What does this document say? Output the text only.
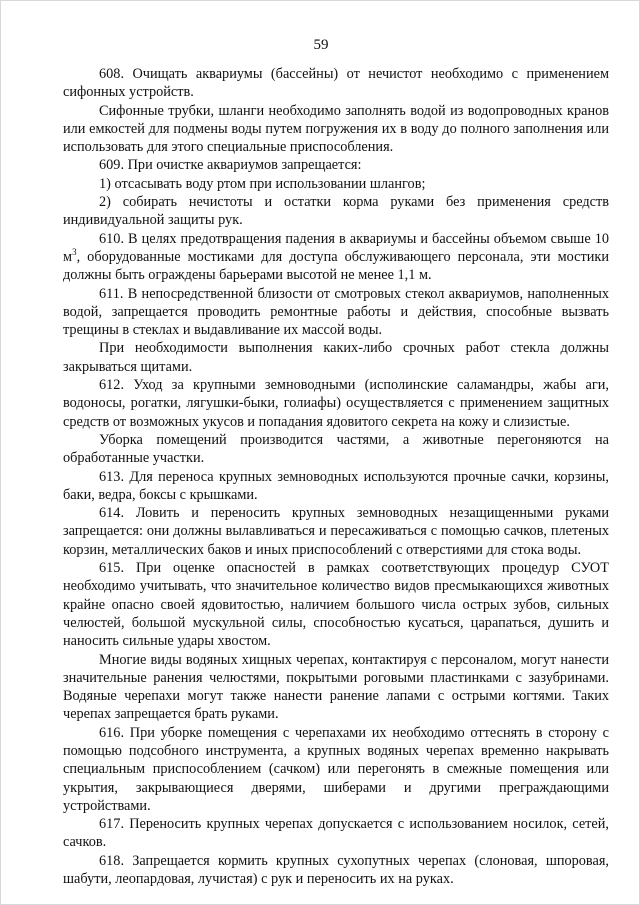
59

608. Очищать аквариумы (бассейны) от нечистот необходимо с применением сифонных устройств.

Сифонные трубки, шланги необходимо заполнять водой из водопроводных кранов или емкостей для подмены воды путем погружения их в воду до полного заполнения или использовать для этого специальные приспособления.

609. При очистке аквариумов запрещается:

1) отсасывать воду ртом при использовании шлангов;

2) собирать нечистоты и остатки корма руками без применения средств индивидуальной защиты рук.

610. В целях предотвращения падения в аквариумы и бассейны объемом свыше 10 $м^3$, оборудованные мостиками для доступа обслуживающего персонала, эти мостики должны быть ограждены барьерами высотой не менее 1,1 м.

611. В непосредственной близости от смотровых стекол аквариумов, наполненных водой, запрещается проводить ремонтные работы и действия, способные вызвать трещины в стеклах и выдавливание их массой воды.

При необходимости выполнения каких-либо срочных работ стекла должны закрываться щитами.

612. Уход за крупными земноводными (исполинские саламандры, жабы аги, водоносы, рогатки, лягушки-быки, голиафы) осуществляется с применением защитных средств от возможных укусов и попадания ядовитого секрета на кожу и слизистые.

Уборка помещений производится частями, а животные перегоняются на обработанные участки.

613. Для переноса крупных земноводных используются прочные сачки, корзины, баки, ведра, боксы с крышками.

614. Ловить и переносить крупных земноводных незащищенными руками запрещается: они должны вылавливаться и пересаживаться с помощью сачков, плетеных корзин, металлических баков и иных приспособлений с отверстиями для стока воды.

615. При оценке опасностей в рамках соответствующих процедур СУОТ необходимо учитывать, что значительное количество видов пресмыкающихся животных крайне опасно своей ядовитостью, наличием большого числа острых зубов, сильных челюстей, большой мускульной силы, способностью кусаться, царапаться, душить и наносить сильные удары хвостом.

Многие виды водяных хищных черепах, контактируя с персоналом, могут нанести значительные ранения челюстями, покрытыми роговыми пластинками с зазубринами. Водяные черепахи могут также нанести ранение лапами с острыми когтями. Таких черепах запрещается брать руками.

616. При уборке помещения с черепахами их необходимо оттеснять в сторону с помощью подсобного инструмента, а крупных водяных черепах временно накрывать специальным приспособлением (сачком) или перегонять в смежные помещения или укрытия, закрывающиеся дверями, шиберами и другими преграждающими устройствами.

617. Переносить крупных черепах допускается с использованием носилок, сетей, сачков.

618. Запрещается кормить крупных сухопутных черепах (слоновая, шпоровая, шабути, леопардовая, лучистая) с рук и переносить их на руках.
